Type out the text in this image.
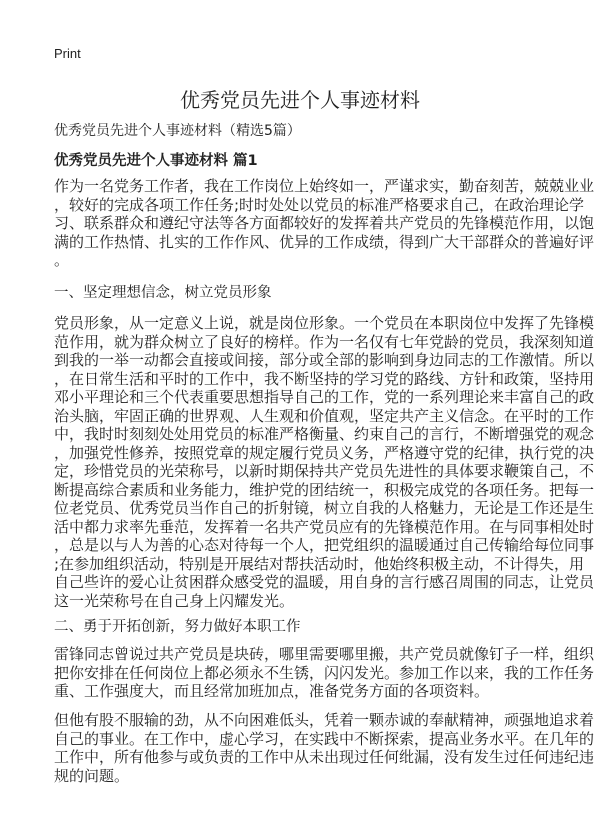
Print
优秀党员先进个人事迹材料
优秀党员先进个人事迹材料（精选5篇）
优秀党员先进个人事迹材料 篇1
作为一名党务工作者，我在工作岗位上始终如一，严谨求实，勤奋刻苦，兢兢业业
，较好的完成各项工作任务;时时处处以党员的标准严格要求自己，在政治理论学
习、联系群众和遵纪守法等各方面都较好的发挥着共产党员的先锋模范作用，以饱
满的工作热情、扎实的工作作风、优异的工作成绩，得到广大干部群众的普遍好评
。
一、坚定理想信念，树立党员形象
党员形象，从一定意义上说，就是岗位形象。一个党员在本职岗位中发挥了先锋模
范作用，就为群众树立了良好的榜样。作为一名仅有七年党龄的党员，我深刻知道
到我的一举一动都会直接或间接，部分或全部的影响到身边同志的工作激情。所以
，在日常生活和平时的工作中，我不断坚持的学习党的路线、方针和政策，坚持用
邓小平理论和三个代表重要思想指导自己的工作，党的一系列理论来丰富自己的政
治头脑，牢固正确的世界观、人生观和价值观，坚定共产主义信念。在平时的工作
中，我时时刻刻处处用党员的标准严格衡量、约束自己的言行，不断增强党的观念
，加强党性修养，按照党章的规定履行党员义务，严格遵守党的纪律，执行党的决
定，珍惜党员的光荣称号，以新时期保持共产党员先进性的具体要求鞭策自己，不
断提高综合素质和业务能力，维护党的团结统一，积极完成党的各项任务。把每一
位老党员、优秀党员当作自己的折射镜，树立自我的人格魅力，无论是工作还是生
活中都力求率先垂范，发挥着一名共产党员应有的先锋模范作用。在与同事相处时
，总是以与人为善的心态对待每一个人，把党组织的温暖通过自己传输给每位同事
;在参加组织活动，特别是开展结对帮扶活动时，他始终积极主动，不计得失，用
自己些许的爱心让贫困群众感受党的温暖，用自身的言行感召周围的同志，让党员
这一光荣称号在自己身上闪耀发光。
二、勇于开拓创新，努力做好本职工作
雷锋同志曾说过共产党员是块砖，哪里需要哪里搬，共产党员就像钉子一样，组织
把你安排在任何岗位上都必须永不生锈，闪闪发光。参加工作以来，我的工作任务
重、工作强度大，而且经常加班加点，准备党务方面的各项资料。
但他有股不服输的劲，从不向困难低头，凭着一颗赤诚的奉献精神，顽强地追求着
自己的事业。在工作中，虚心学习，在实践中不断探索，提高业务水平。在几年的
工作中，所有他参与或负责的工作中从未出现过任何纰漏，没有发生过任何违纪违
规的问题。
